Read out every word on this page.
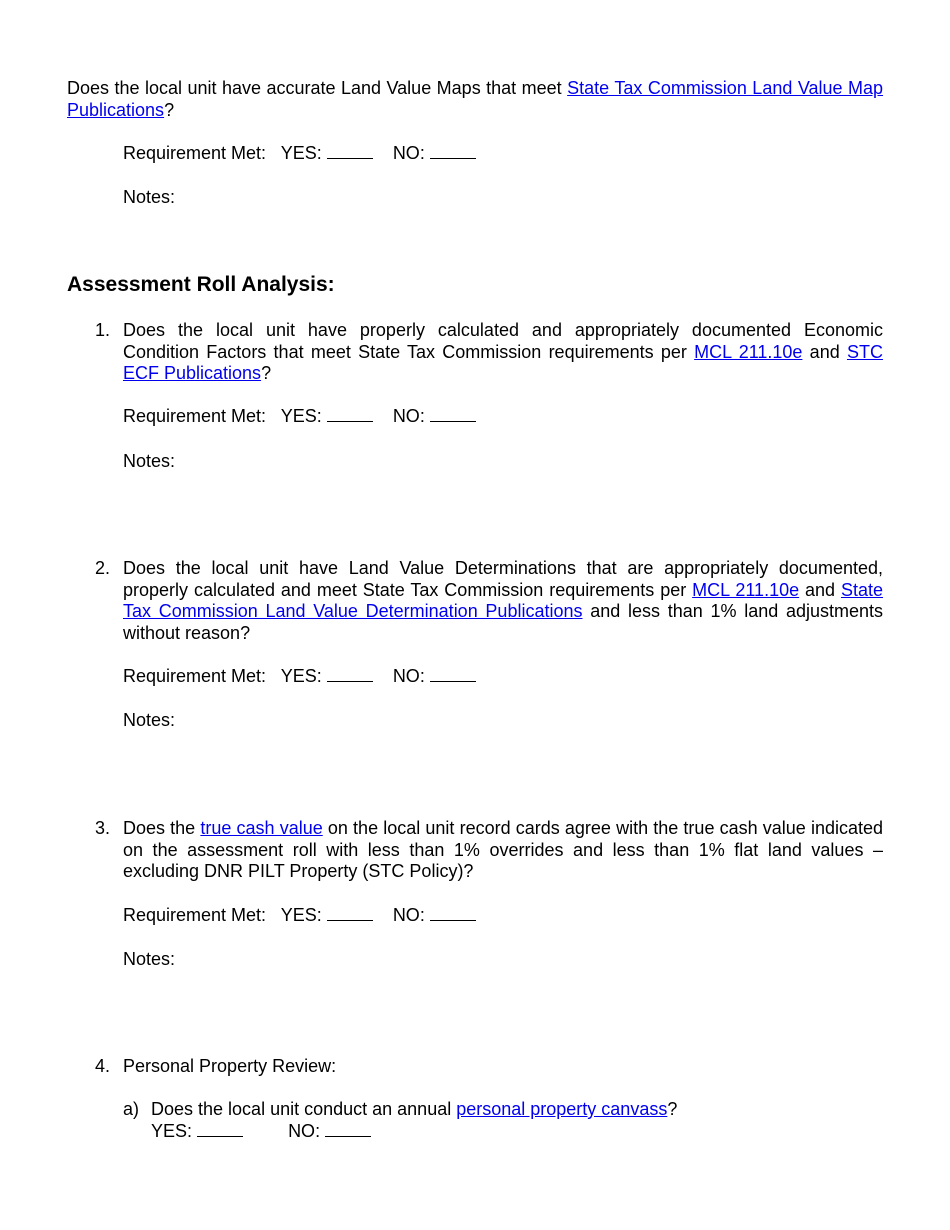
Does the local unit have accurate Land Value Maps that meet State Tax Commission Land Value Map Publications?
Requirement Met: YES:	NO:
Notes:
Assessment Roll Analysis:
1. Does the local unit have properly calculated and appropriately documented Economic Condition Factors that meet State Tax Commission requirements per MCL 211.10e and STC ECF Publications?
Requirement Met: YES:	NO:
Notes:
2. Does the local unit have Land Value Determinations that are appropriately documented, properly calculated and meet State Tax Commission requirements per MCL 211.10e and State Tax Commission Land Value Determination Publications and less than 1% land adjustments without reason?
Requirement Met: YES:	NO:
Notes:
3. Does the true cash value on the local unit record cards agree with the true cash value indicated on the assessment roll with less than 1% overrides and less than 1% flat land values – excluding DNR PILT Property (STC Policy)?
Requirement Met: YES:	NO:
Notes:
4. Personal Property Review:
a) Does the local unit conduct an annual personal property canvass?
YES:	NO:
